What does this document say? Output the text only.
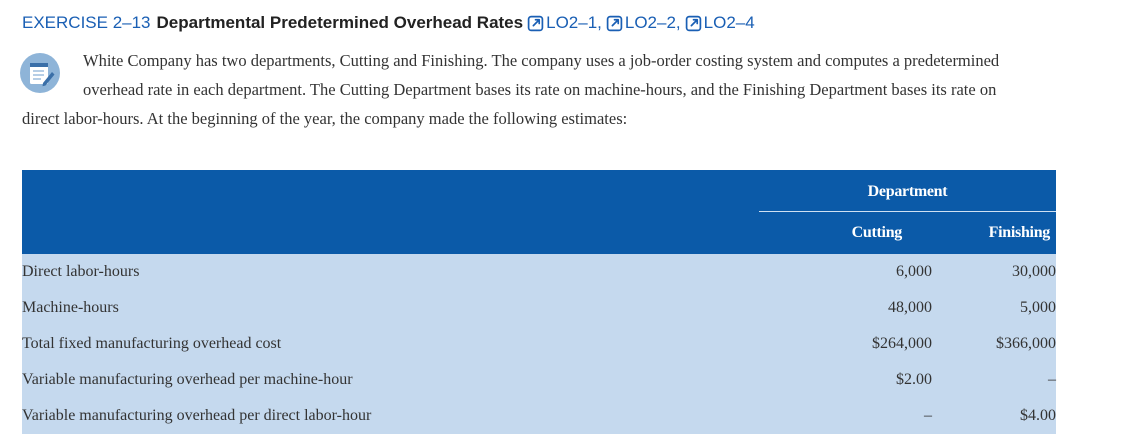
EXERCISE 2–13 Departmental Predetermined Overhead Rates LO2–1, LO2–2, LO2–4
White Company has two departments, Cutting and Finishing. The company uses a job-order costing system and computes a predetermined overhead rate in each department. The Cutting Department bases its rate on machine-hours, and the Finishing Department bases its rate on direct labor-hours. At the beginning of the year, the company made the following estimates:
	Department	
	Cutting	Finishing
Direct labor-hours	6,000	30,000
Machine-hours	48,000	5,000
Total fixed manufacturing overhead cost	$264,000	$366,000
Variable manufacturing overhead per machine-hour	$2.00	–
Variable manufacturing overhead per direct labor-hour	–	$4.00
